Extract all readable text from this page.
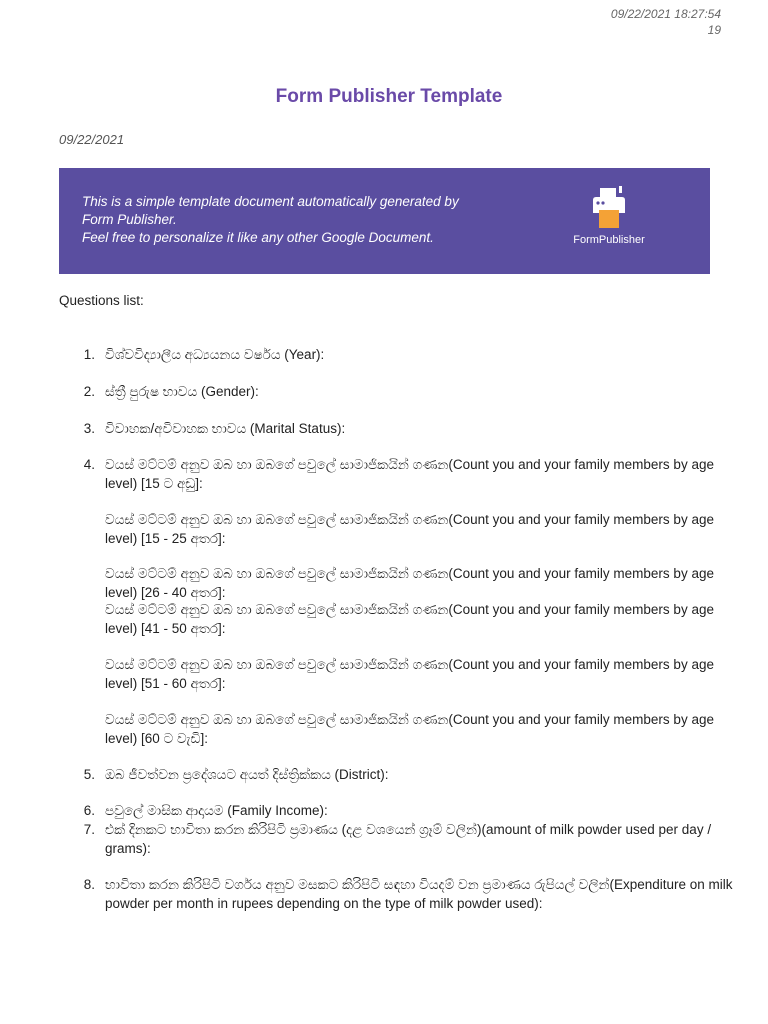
09/22/2021 18:27:54
19
Form Publisher Template
09/22/2021
This is a simple template document automatically generated by
Form Publisher.
Feel free to personalize it like any other Google Document.	FormPublisher
Questions list:
1. විශ්වවිද්‍යාලීය අධ්‍යයනය වර්ෂය (Year):
2. ස්ත්‍රී පුරුෂ භාවය (Gender):
3. විවාහක/අවිවාහක භාවය (Marital Status):
4. වයස් මට්ටම් අනුව ඔබ හා ඔබගේ පවුලේ සාමාජිකයින් ගණන(Count you and your family members by age level) [15 ට අඩු]:
වයස් මට්ටම් අනුව ඔබ හා ඔබගේ පවුලේ සාමාජිකයින් ගණන(Count you and your family members by age level) [15 - 25 අතර]:
වයස් මට්ටම් අනුව ඔබ හා ඔබගේ පවුලේ සාමාජිකයින් ගණන(Count you and your family members by age level) [26 - 40 අතර]:
වයස් මට්ටම් අනුව ඔබ හා ඔබගේ පවුලේ සාමාජිකයින් ගණන(Count you and your family members by age level) [41 - 50 අතර]:
වයස් මට්ටම් අනුව ඔබ හා ඔබගේ පවුලේ සාමාජිකයින් ගණන(Count you and your family members by age level) [51 - 60 අතර]:
වයස් මට්ටම් අනුව ඔබ හා ඔබගේ පවුලේ සාමාජිකයින් ගණන(Count you and your family members by age level) [60 ට වැඩි]:
5. ඔබ ජීවත්වන ප්‍රදේශයට අයත් දිස්ත්‍රික්කය (District):
6. පවුලේ මාසික ආදායම (Family Income):
7. එක් දිනකට භාවිතා කරන කිරිපිටි ප්‍රමාණය (දළ වශයෙන් ග්‍රෑම් වලින්)(amount of milk powder used per day / grams):
8. භාවිතා කරන කිරිපිටි වර්ගය අනුව මසකට කිරිපිටි සඳහා වියදම් වන ප්‍රමාණය රුපියල් වලින්(Expenditure on milk powder per month in rupees depending on the type of milk powder used):
